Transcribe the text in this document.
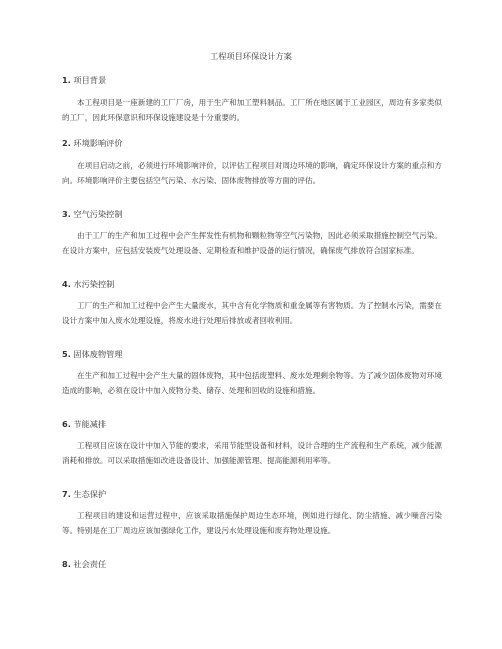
工程项目环保设计方案
1. 项目背景
本工程项目是一座新建的工厂厂房，用于生产和加工塑料制品。工厂所在地区属于工业园区，周边有多家类似的工厂，因此环保意识和环保设施建设是十分重要的。
2. 环境影响评价
在项目启动之前，必须进行环境影响评价，以评估工程项目对周边环境的影响，确定环保设计方案的重点和方向。环境影响评价主要包括空气污染、水污染、固体废物排放等方面的评估。
3. 空气污染控制
由于工厂的生产和加工过程中会产生挥发性有机物和颗粒物等空气污染物，因此必须采取措施控制空气污染。在设计方案中，应包括安装废气处理设备、定期检查和维护设备的运行情况，确保废气排放符合国家标准。
4. 水污染控制
工厂的生产和加工过程中会产生大量废水，其中含有化学物质和重金属等有害物质。为了控制水污染，需要在设计方案中加入废水处理设施，将废水进行处理后排放或者回收利用。
5. 固体废物管理
在生产和加工过程中会产生大量的固体废物，其中包括废塑料、废水处理剩余物等。为了减少固体废物对环境造成的影响，必须在设计中加入废物分类、储存、处理和回收的设施和措施。
6. 节能减排
工程项目应该在设计中加入节能的要求，采用节能型设备和材料，设计合理的生产流程和生产系统，减少能源消耗和排放。可以采取措施如改进设备设计、加强能源管理、提高能源利用率等。
7. 生态保护
工程项目的建设和运营过程中，应该采取措施保护周边生态环境，例如进行绿化、防尘措施、减少噪音污染等。特别是在工厂周边应该加强绿化工作，建设污水处理设施和废弃物处理设施。
8. 社会责任
